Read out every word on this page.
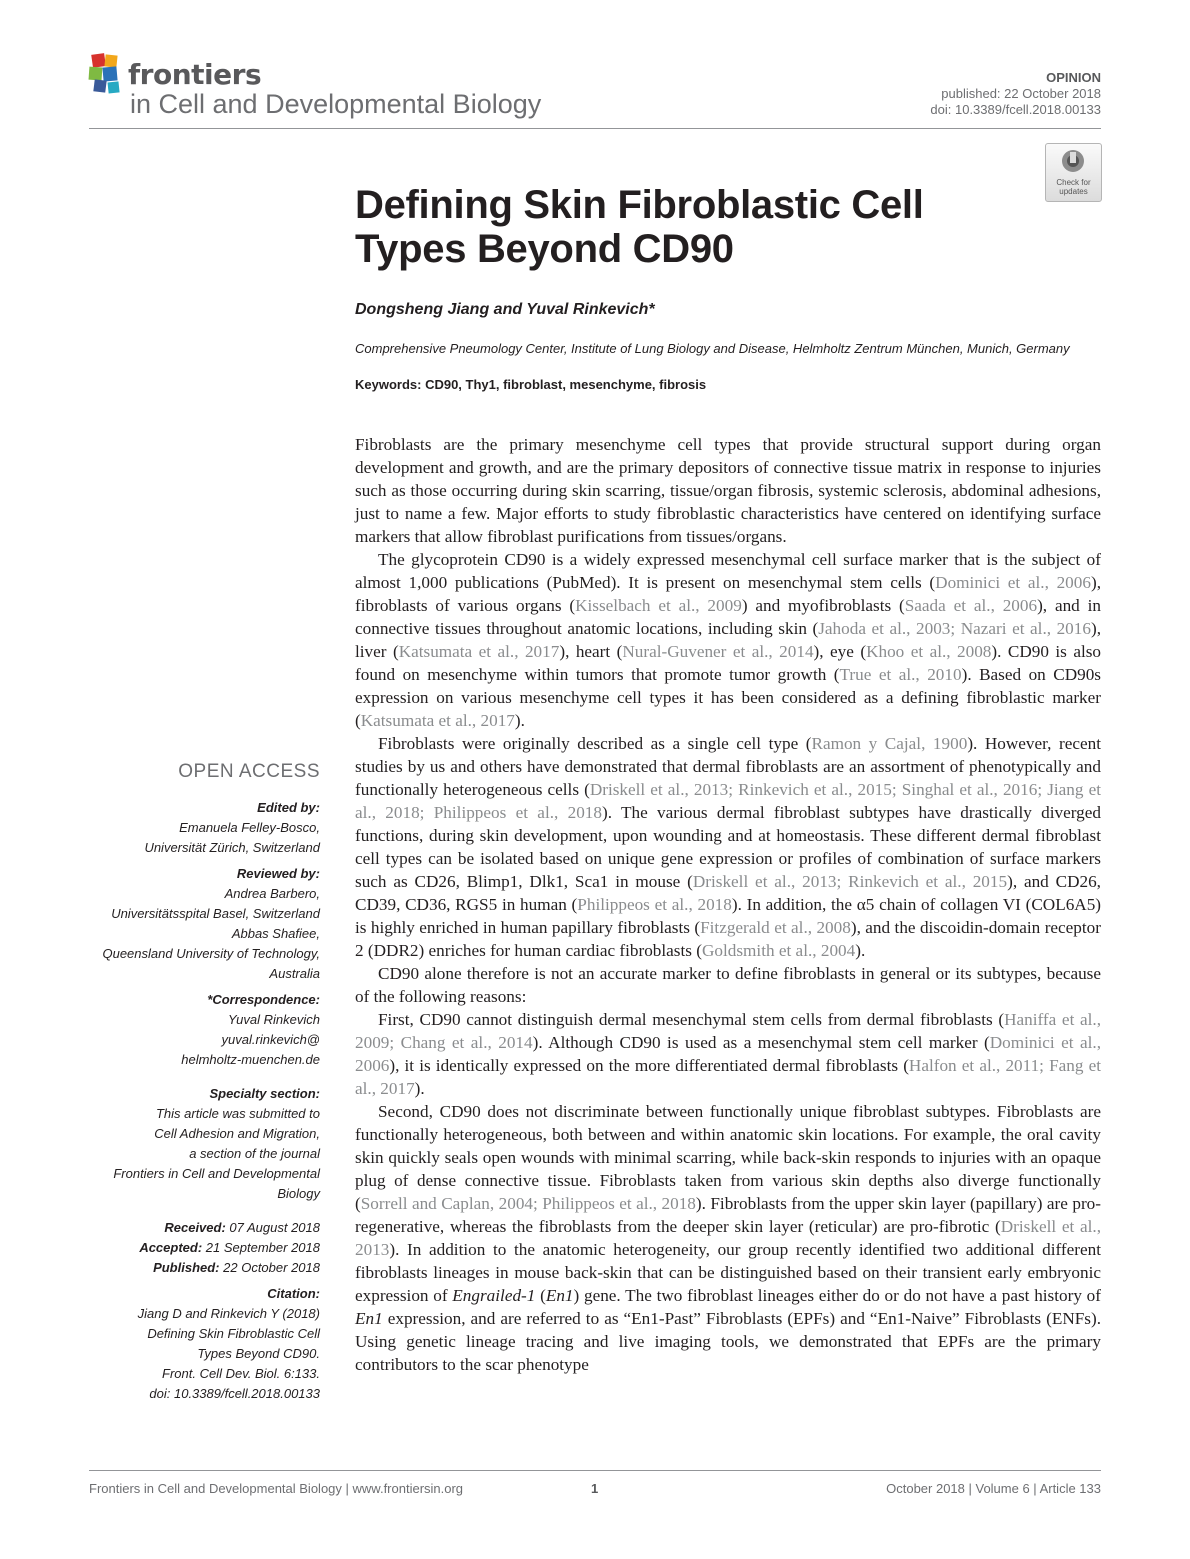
frontiers
in Cell and Developmental Biology
OPINION
published: 22 October 2018
doi: 10.3389/fcell.2018.00133
Check for
updates
Defining Skin Fibroblastic Cell
Types Beyond CD90
Dongsheng Jiang and Yuval Rinkevich*
Comprehensive Pneumology Center, Institute of Lung Biology and Disease, Helmholtz Zentrum München, Munich, Germany
Keywords: CD90, Thy1, fibroblast, mesenchyme, fibrosis

Fibroblasts are the primary mesenchyme cell types that provide structural support during organ development and growth, and are the primary depositors of connective tissue matrix in response to injuries such as those occurring during skin scarring, tissue/organ fibrosis, systemic sclerosis, abdominal adhesions, just to name a few. Major efforts to study fibroblastic characteristics have centered on identifying surface markers that allow fibroblast purifications from tissues/organs.

The glycoprotein CD90 is a widely expressed mesenchymal cell surface marker that is the subject of almost 1,000 publications (PubMed). It is present on mesenchymal stem cells (Dominici et al., 2006), fibroblasts of various organs (Kisselbach et al., 2009) and myofibroblasts (Saada et al., 2006), and in connective tissues throughout anatomic locations, including skin (Jahoda et al., 2003; Nazari et al., 2016), liver (Katsumata et al., 2017), heart (Nural-Guvener et al., 2014), eye (Khoo et al., 2008). CD90 is also found on mesenchyme within tumors that promote tumor growth (True et al., 2010). Based on CD90s expression on various mesenchyme cell types it has been considered as a defining fibroblastic marker (Katsumata et al., 2017).

Fibroblasts were originally described as a single cell type (Ramon y Cajal, 1900). However, recent studies by us and others have demonstrated that dermal fibroblasts are an assortment of phenotypically and functionally heterogeneous cells (Driskell et al., 2013; Rinkevich et al., 2015; Singhal et al., 2016; Jiang et al., 2018; Philippeos et al., 2018). The various dermal fibroblast subtypes have drastically diverged functions, during skin development, upon wounding and at homeostasis. These different dermal fibroblast cell types can be isolated based on unique gene expression or profiles of combination of surface markers such as CD26, Blimp1, Dlk1, Sca1 in mouse (Driskell et al., 2013; Rinkevich et al., 2015), and CD26, CD39, CD36, RGS5 in human (Philippeos et al., 2018). In addition, the α5 chain of collagen VI (COL6A5) is highly enriched in human papillary fibroblasts (Fitzgerald et al., 2008), and the discoidin-domain receptor 2 (DDR2) enriches for human cardiac fibroblasts (Goldsmith et al., 2004).

CD90 alone therefore is not an accurate marker to define fibroblasts in general or its subtypes, because of the following reasons:

First, CD90 cannot distinguish dermal mesenchymal stem cells from dermal fibroblasts (Haniffa et al., 2009; Chang et al., 2014). Although CD90 is used as a mesenchymal stem cell marker (Dominici et al., 2006), it is identically expressed on the more differentiated dermal fibroblasts (Halfon et al., 2011; Fang et al., 2017).

Second, CD90 does not discriminate between functionally unique fibroblast subtypes. Fibroblasts are functionally heterogeneous, both between and within anatomic skin locations. For example, the oral cavity skin quickly seals open wounds with minimal scarring, while back-skin responds to injuries with an opaque plug of dense connective tissue. Fibroblasts taken from various skin depths also diverge functionally (Sorrell and Caplan, 2004; Philippeos et al., 2018). Fibroblasts from the upper skin layer (papillary) are pro-regenerative, whereas the fibroblasts from the deeper skin layer (reticular) are pro-fibrotic (Driskell et al., 2013). In addition to the anatomic heterogeneity, our group recently identified two additional different fibroblasts lineages in mouse back-skin that can be distinguished based on their transient early embryonic expression of Engrailed-1 (En1) gene. The two fibroblast lineages either do or do not have a past history of En1 expression, and are referred to as “En1-Past” Fibroblasts (EPFs) and “En1-Naive” Fibroblasts (ENFs). Using genetic lineage tracing and live imaging tools, we demonstrated that EPFs are the primary contributors to the scar phenotype

OPEN ACCESS
Edited by:
Emanuela Felley-Bosco,
Universität Zürich, Switzerland
Reviewed by:
Andrea Barbero,
Universitätsspital Basel, Switzerland
Abbas Shafiee,
Queensland University of Technology,
Australia
*Correspondence:
Yuval Rinkevich
yuval.rinkevich@
helmholtz-muenchen.de
Specialty section:
This article was submitted to
Cell Adhesion and Migration,
a section of the journal
Frontiers in Cell and Developmental
Biology
Received: 07 August 2018
Accepted: 21 September 2018
Published: 22 October 2018
Citation:
Jiang D and Rinkevich Y (2018)
Defining Skin Fibroblastic Cell
Types Beyond CD90.
Front. Cell Dev. Biol. 6:133.
doi: 10.3389/fcell.2018.00133
Frontiers in Cell and Developmental Biology | www.frontiersin.org	1	October 2018 | Volume 6 | Article 133
